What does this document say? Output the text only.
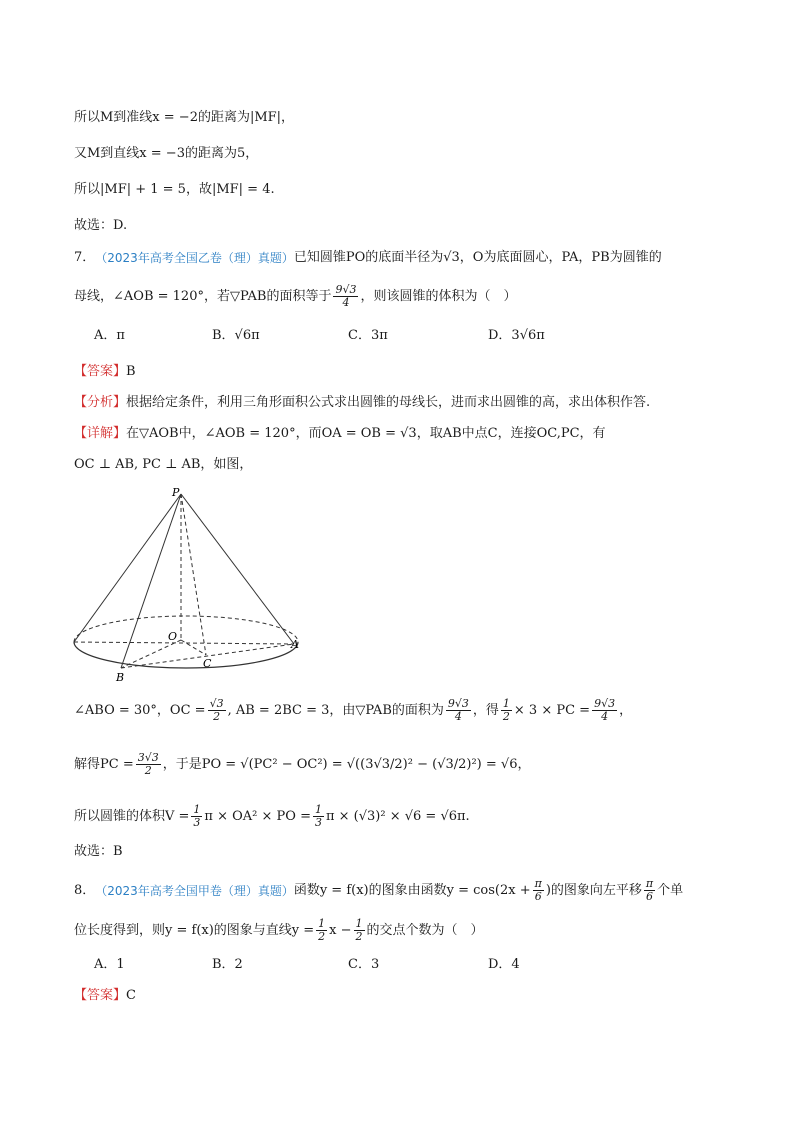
所以M到准线x = −2的距离为|MF|，
又M到直线x = −3的距离为5，
所以|MF| + 1 = 5，故|MF| = 4.
故选：D.
7． （2023年高考全国乙卷（理）真题） 已知圆锥PO的底面半径为√3，O为底面圆心，PA，PB为圆锥的
母线，∠AOB = 120°，若▽PAB的面积等于 $\frac{9√3}{4}$ ，则该圆锥的体积为（　）
A．π	B．√6π	C．3π	D．3√6π
【答案】 B
【分析】 根据给定条件，利用三角形面积公式求出圆锥的母线长，进而求出圆锥的高，求出体积作答.
【详解】 在▽AOB中，∠AOB = 120°，而OA = OB = √3，取AB中点C，连接OC,PC，有
OC ⊥ AB, PC ⊥ AB，如图，
P
O
A
B
C
∠ABO = 30°，OC = $\frac{√3}{2}$ , AB = 2BC = 3，由▽PAB的面积为 $\frac{9√3}{4}$ ，得 $\frac{1}{2} \times 3$ × PC = $\frac{9√3}{4}$ ，
解得PC = $\frac{3√3}{2}$ ，于是PO = √(PC² − OC²) = √((3√3/2)² − (√3/2)²) = √6，
所以圆锥的体积$V = \frac{1}{3}$ π × OA² × PO = $\frac{1}{3}$ π × (√3)² × √6 = √6π.
故选：B
8． （2023年高考全国甲卷（理）真题） 函数y = f(x)的图象由函数$y = \cos(2x + \frac{\pi}{6}$ )的图象向左平移 $\frac{\pi}{6}$ 个单
位长度得到，则y = f(x)的图象与直线$y = \frac{1}{2}$ $x - \frac{1}{2}$ 的交点个数为（　）
A．1	B．2	C．3	D．4
【答案】 C
